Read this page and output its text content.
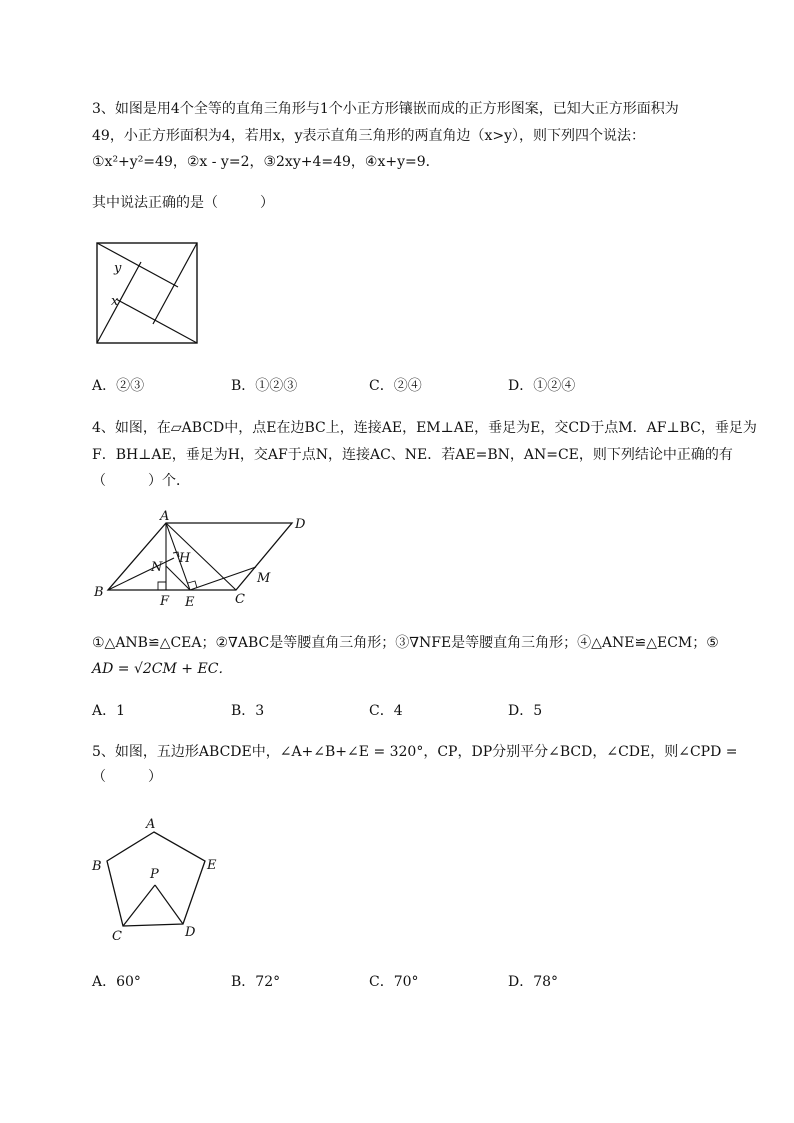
3、如图是用4个全等的直角三角形与1个小正方形镶嵌而成的正方形图案，已知大正方形面积为
49，小正方形面积为4，若用x，y表示直角三角形的两直角边（x>y），则下列四个说法：
①x²+y²=49，②x - y=2，③2xy+4=49，④x+y=9．
其中说法正确的是（　　　）
y
x
A．②③	B．①②③	C．②④	D．①②④
4、如图，在▱ABCD中，点E在边BC上，连接AE，EM⊥AE，垂足为E，交CD于点M．AF⊥BC，垂足为
F．BH⊥AE，垂足为H，交AF于点N，连接AC、NE．若AE=BN，AN=CE，则下列结论中正确的有
（　　　）个．
A
D
H
N
M
B
F E	C
①△ANB≌△CEA；②∇ABC是等腰直角三角形；③∇NFE是等腰直角三角形；④△ANE≌△ECM；⑤
AD = √2CM + EC．
A．1	B．3	C．4	D．5
5、如图，五边形ABCDE中，∠A+∠B+∠E = 320°，CP，DP分别平分∠BCD，∠CDE，则∠CPD =
（　　　）
A
B	E
P
C	D
A．60°	B．72°	C．70°	D．78°
